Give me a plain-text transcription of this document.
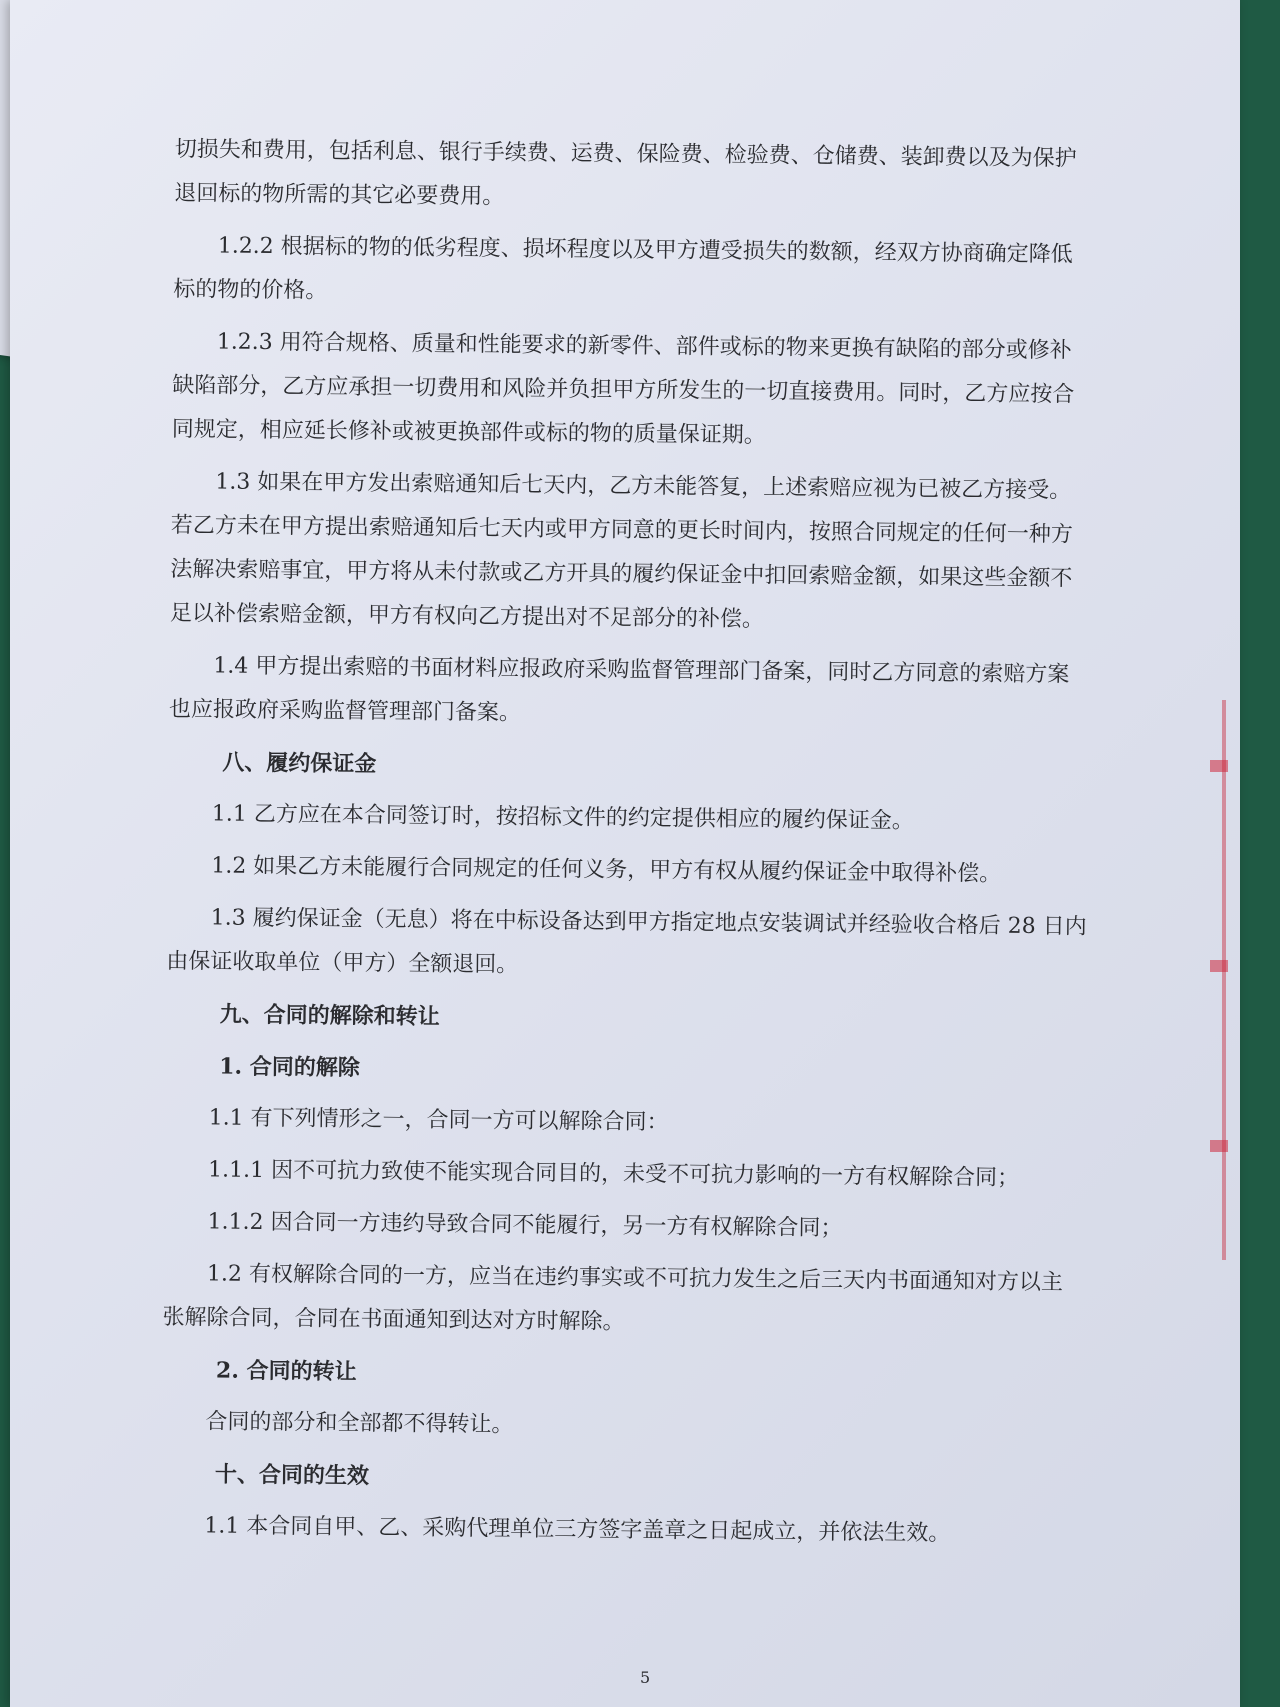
切损失和费用，包括利息、银行手续费、运费、保险费、检验费、仓储费、装卸费以及为保护退回标的物所需的其它必要费用。

1.2.2 根据标的物的低劣程度、损坏程度以及甲方遭受损失的数额，经双方协商确定降低标的物的价格。

1.2.3 用符合规格、质量和性能要求的新零件、部件或标的物来更换有缺陷的部分或修补缺陷部分，乙方应承担一切费用和风险并负担甲方所发生的一切直接费用。同时，乙方应按合同规定，相应延长修补或被更换部件或标的物的质量保证期。

1.3 如果在甲方发出索赔通知后七天内，乙方未能答复，上述索赔应视为已被乙方接受。若乙方未在甲方提出索赔通知后七天内或甲方同意的更长时间内，按照合同规定的任何一种方法解决索赔事宜，甲方将从未付款或乙方开具的履约保证金中扣回索赔金额，如果这些金额不足以补偿索赔金额，甲方有权向乙方提出对不足部分的补偿。

1.4 甲方提出索赔的书面材料应报政府采购监督管理部门备案，同时乙方同意的索赔方案也应报政府采购监督管理部门备案。

八、履约保证金

1.1 乙方应在本合同签订时，按招标文件的约定提供相应的履约保证金。

1.2 如果乙方未能履行合同规定的任何义务，甲方有权从履约保证金中取得补偿。

1.3 履约保证金（无息）将在中标设备达到甲方指定地点安装调试并经验收合格后 28 日内由保证收取单位（甲方）全额退回。

九、合同的解除和转让

1. 合同的解除

1.1 有下列情形之一，合同一方可以解除合同：

1.1.1 因不可抗力致使不能实现合同目的，未受不可抗力影响的一方有权解除合同；

1.1.2 因合同一方违约导致合同不能履行，另一方有权解除合同；

1.2 有权解除合同的一方，应当在违约事实或不可抗力发生之后三天内书面通知对方以主张解除合同，合同在书面通知到达对方时解除。

2. 合同的转让

合同的部分和全部都不得转让。

十、合同的生效

1.1 本合同自甲、乙、采购代理单位三方签字盖章之日起成立，并依法生效。

5
